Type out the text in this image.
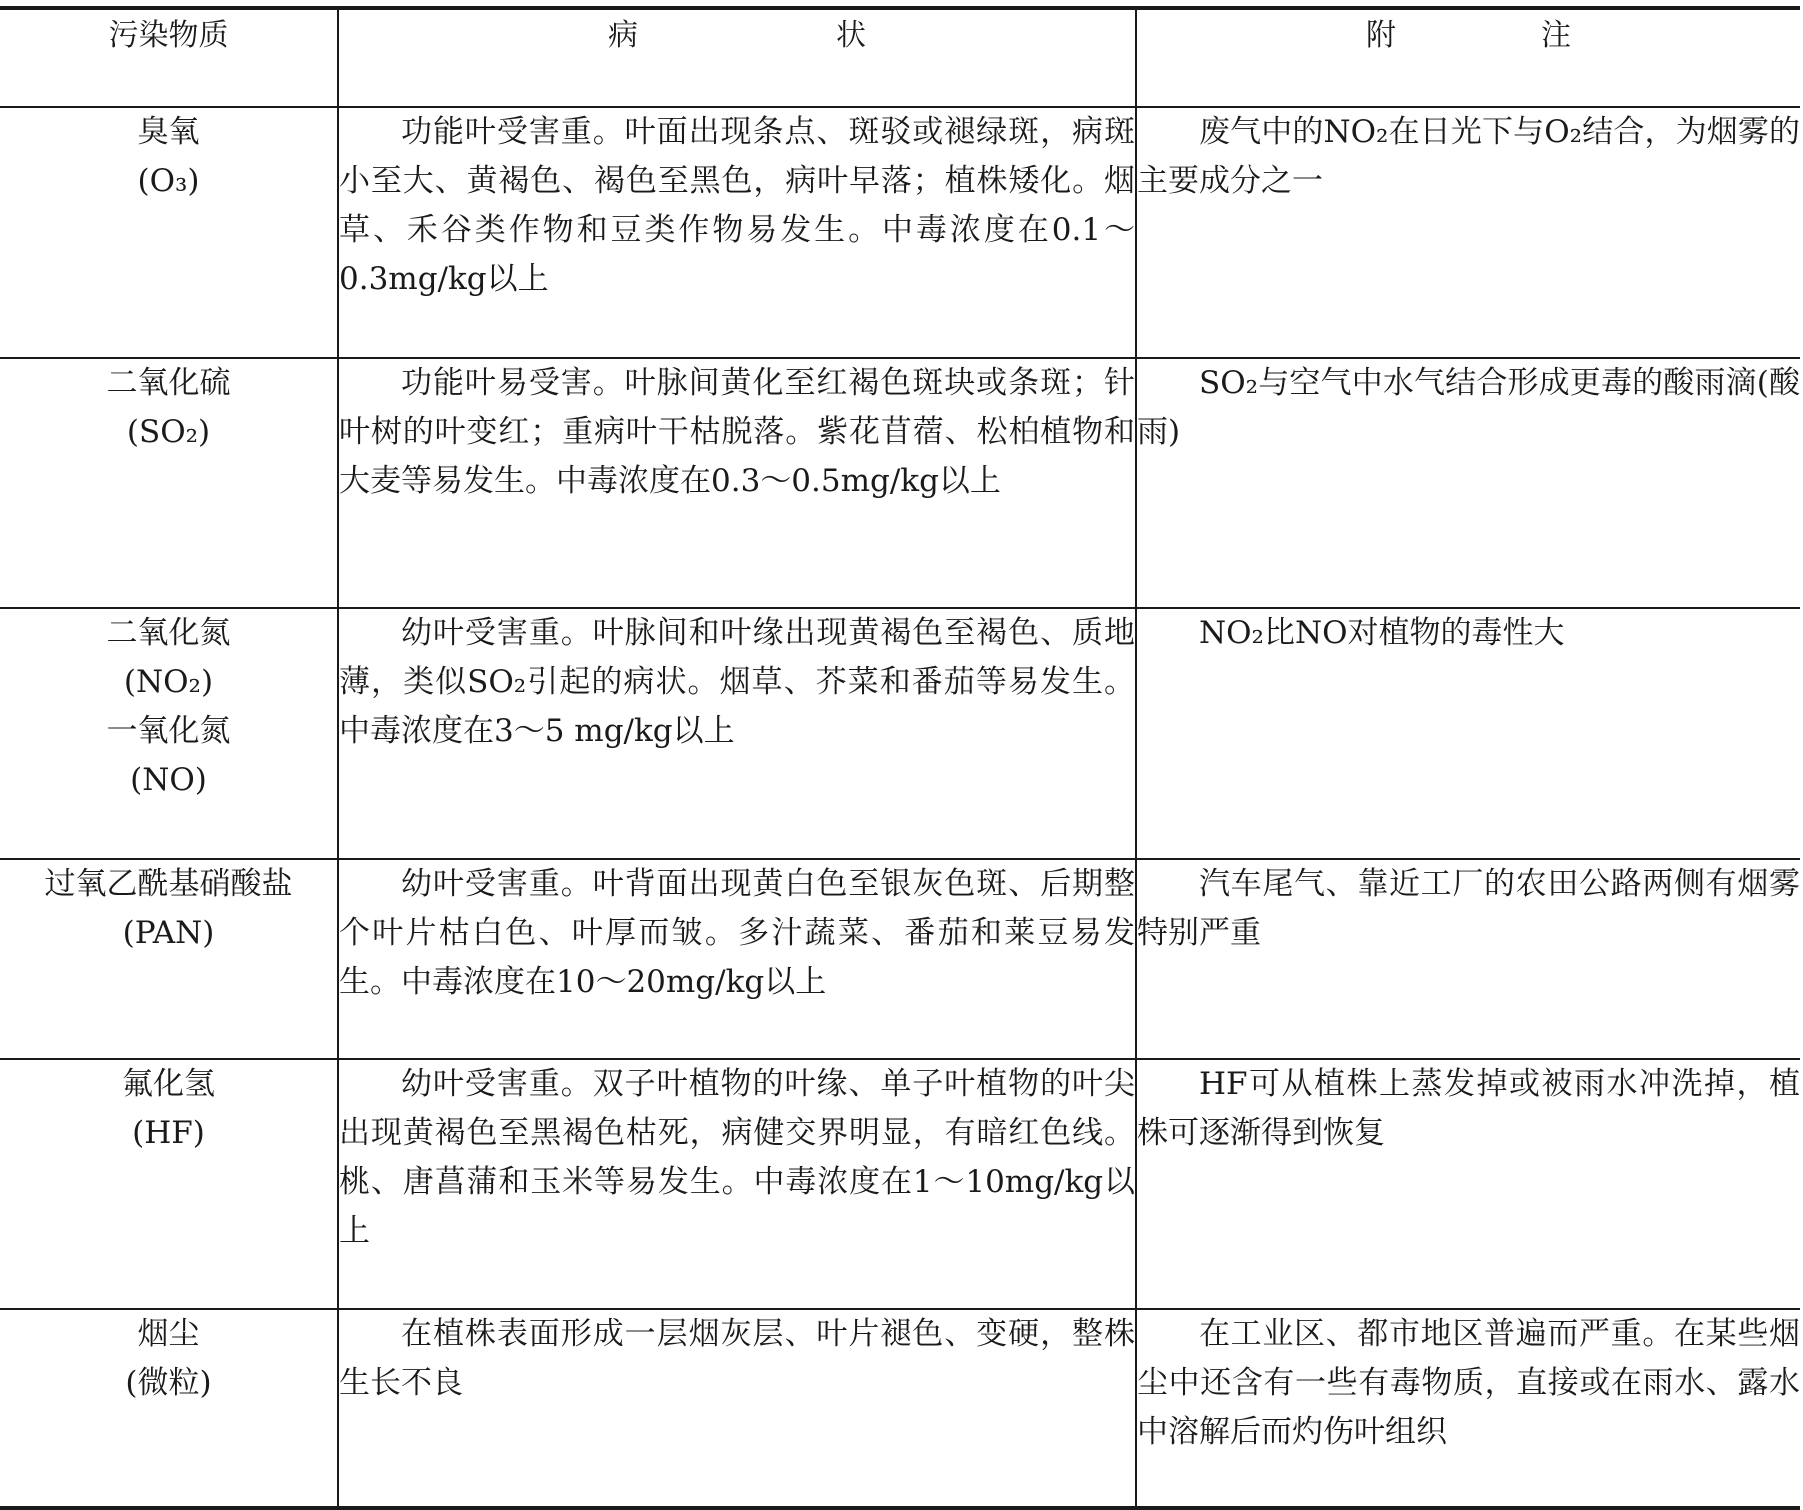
污染物质	病 状	附 注

臭氧
(O₃)	功能叶受害重。叶面出现条点、斑驳或褪绿斑，病斑小至大、黄褐色、褐色至黑色，病叶早落；植株矮化。烟草、禾谷类作物和豆类作物易发生。中毒浓度在0.1～0.3mg/kg以上	废气中的NO₂在日光下与O₂结合，为烟雾的主要成分之一

二氧化硫
(SO₂)	功能叶易受害。叶脉间黄化至红褐色斑块或条斑；针叶树的叶变红；重病叶干枯脱落。紫花苜蓿、松柏植物和大麦等易发生。中毒浓度在0.3～0.5mg/kg以上	SO₂与空气中水气结合形成更毒的酸雨滴(酸雨)

二氧化氮
(NO₂)
一氧化氮
(NO)	幼叶受害重。叶脉间和叶缘出现黄褐色至褐色、质地薄，类似SO₂引起的病状。烟草、芥菜和番茄等易发生。中毒浓度在3～5 mg/kg以上	NO₂比NO对植物的毒性大

过氧乙酰基硝酸盐
(PAN)	幼叶受害重。叶背面出现黄白色至银灰色斑、后期整个叶片枯白色、叶厚而皱。多汁蔬菜、番茄和莱豆易发生。中毒浓度在10～20mg/kg以上	汽车尾气、靠近工厂的农田公路两侧有烟雾特别严重

氟化氢
(HF)	幼叶受害重。双子叶植物的叶缘、单子叶植物的叶尖出现黄褐色至黑褐色枯死，病健交界明显，有暗红色线。桃、唐菖蒲和玉米等易发生。中毒浓度在1～10mg/kg以上	HF可从植株上蒸发掉或被雨水冲洗掉，植株可逐渐得到恢复

烟尘
(微粒)	在植株表面形成一层烟灰层、叶片褪色、变硬，整株生长不良	在工业区、都市地区普遍而严重。在某些烟尘中还含有一些有毒物质，直接或在雨水、露水中溶解后而灼伤叶组织
